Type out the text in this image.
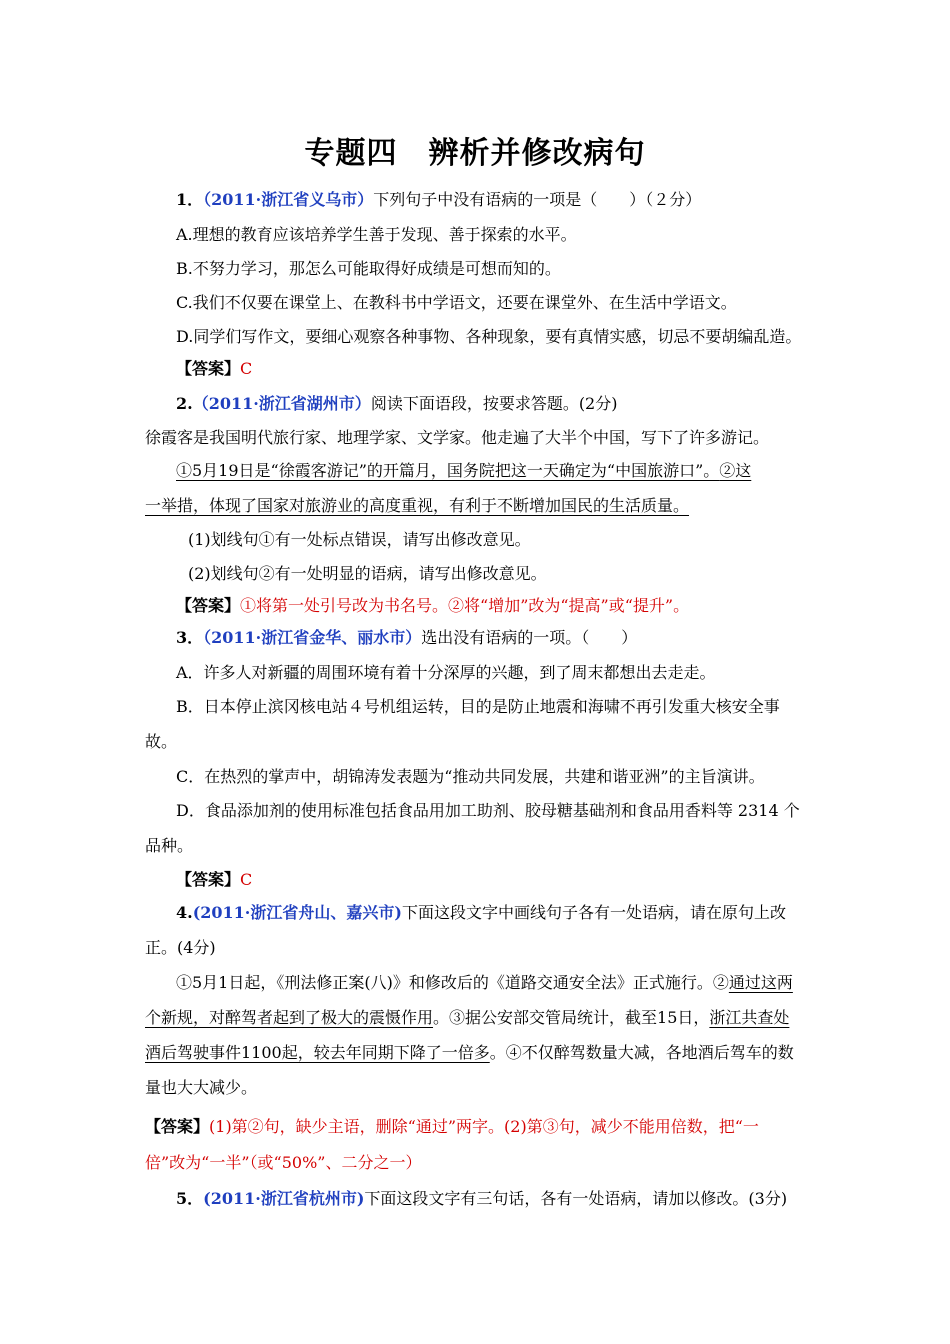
专题四　辨析并修改病句
1．（2011·浙江省义乌市）下列句子中没有语病的一项是（　　）（２分）
A.理想的教育应该培养学生善于发现、善于探索的水平。
B.不努力学习，那怎么可能取得好成绩是可想而知的。
C.我们不仅要在课堂上、在教科书中学语文，还要在课堂外、在生活中学语文。
D.同学们写作文，要细心观察各种事物、各种现象，要有真情实感，切忌不要胡编乱造。
【答案】C
2.（2011·浙江省湖州市）阅读下面语段，按要求答题。(2分)
徐霞客是我国明代旅行家、地理学家、文学家。他走遍了大半个中国，写下了许多游记。
①5月19日是“徐霞客游记”的开篇月，国务院把这一天确定为“中国旅游口”。②这
一举措，体现了国家对旅游业的高度重视，有利于不断增加国民的生活质量。
(1)划线句①有一处标点错误，请写出修改意见。
(2)划线句②有一处明显的语病，请写出修改意见。
【答案】①将第一处引号改为书名号。②将“增加”改为“提高”或“提升”。
3．（2011·浙江省金华、丽水市）选出没有语病的一项。（　　）
A．许多人对新疆的周围环境有着十分深厚的兴趣，到了周末都想出去走走。
B．日本停止滨冈核电站４号机组运转，目的是防止地震和海啸不再引发重大核安全事
故。
C．在热烈的掌声中，胡锦涛发表题为“推动共同发展，共建和谐亚洲”的主旨演讲。
D．食品添加剂的使用标准包括食品用加工助剂、胶母糖基础剂和食品用香料等 2314 个
品种。
【答案】C
4.(2011·浙江省舟山、嘉兴市)下面这段文字中画线句子各有一处语病，请在原句上改
正。(4分)
①5月1日起，《刑法修正案(八)》和修改后的《道路交通安全法》正式施行。②通过这两
个新规，对醉驾者起到了极大的震慑作用。③据公安部交管局统计，截至15日，浙江共查处
酒后驾驶事件1100起，较去年同期下降了一倍多。④不仅醉驾数量大减，各地酒后驾车的数
量也大大减少。
【答案】(1)第②句，缺少主语，删除“通过”两字。(2)第③句，减少不能用倍数，把“一
倍”改为“一半”（或“50%”、二分之一）
5．(2011·浙江省杭州市)下面这段文字有三句话，各有一处语病，请加以修改。(3分)
